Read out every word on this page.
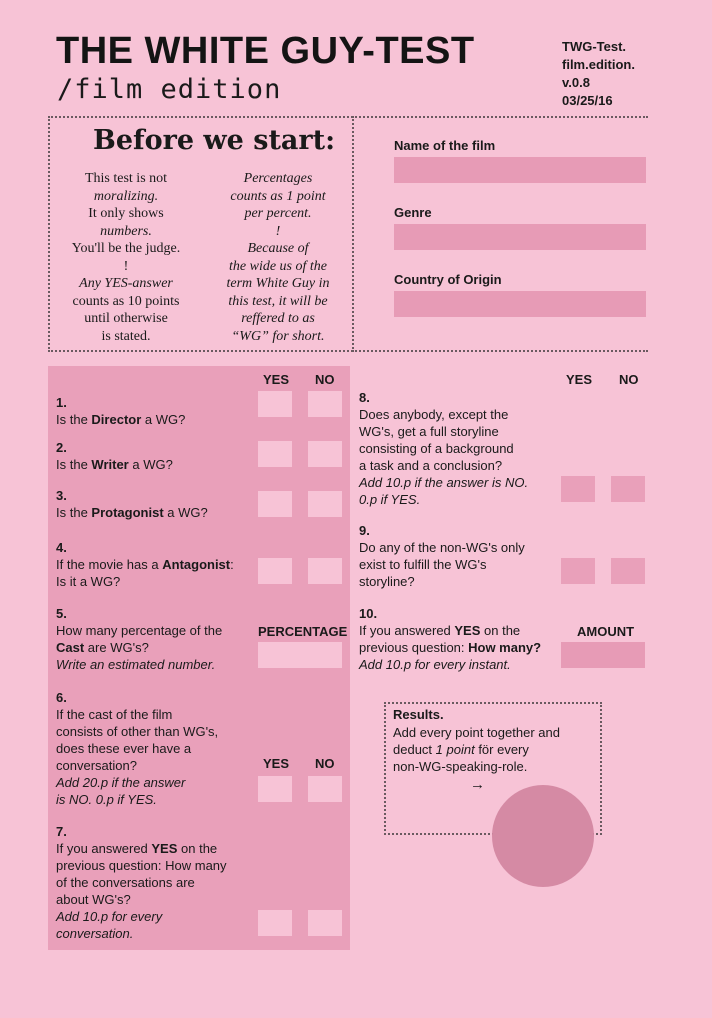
THE WHITE GUY-TEST
/film edition
TWG-Test.
film.edition.
v.0.8
03/25/16
Before we start:
This test is not
moralizing.
It only shows
numbers.
You'll be the judge.
!
Any YES-answer
counts as 10 points
until otherwise
is stated.
Percentages
counts as 1 point
per percent.
!
Because of
the wide us of the
term White Guy in
this test, it will be
reffered to as
“WG” for short.
Name of the film
Genre
Country of Origin
YES NO
1.
Is the Director a WG?
2.
Is the Writer a WG?
3.
Is the Protagonist a WG?
4.
If the movie has a Antagonist:
Is it a WG?
5.
How many percentage of the
Cast are WG's?
Write an estimated number.
PERCENTAGE
6.
If the cast of the film
consists of other than WG's,
does these ever have a
conversation?
Add 20.p if the answer
is NO. 0.p if YES.
YES NO
7.
If you answered YES on the
previous question: How many
of the conversations are
about WG's?
Add 10.p for every
conversation.
YES NO
8.
Does anybody, except the
WG's, get a full storyline
consisting of a background
a task and a conclusion?
Add 10.p if the answer is NO.
0.p if YES.
9.
Do any of the non-WG's only
exist to fulfill the WG's
storyline?
10.
If you answered YES on the
previous question: How many?
Add 10.p for every instant.
AMOUNT
Results.
Add every point together and
deduct 1 point för every
non-WG-speaking-role.
→
